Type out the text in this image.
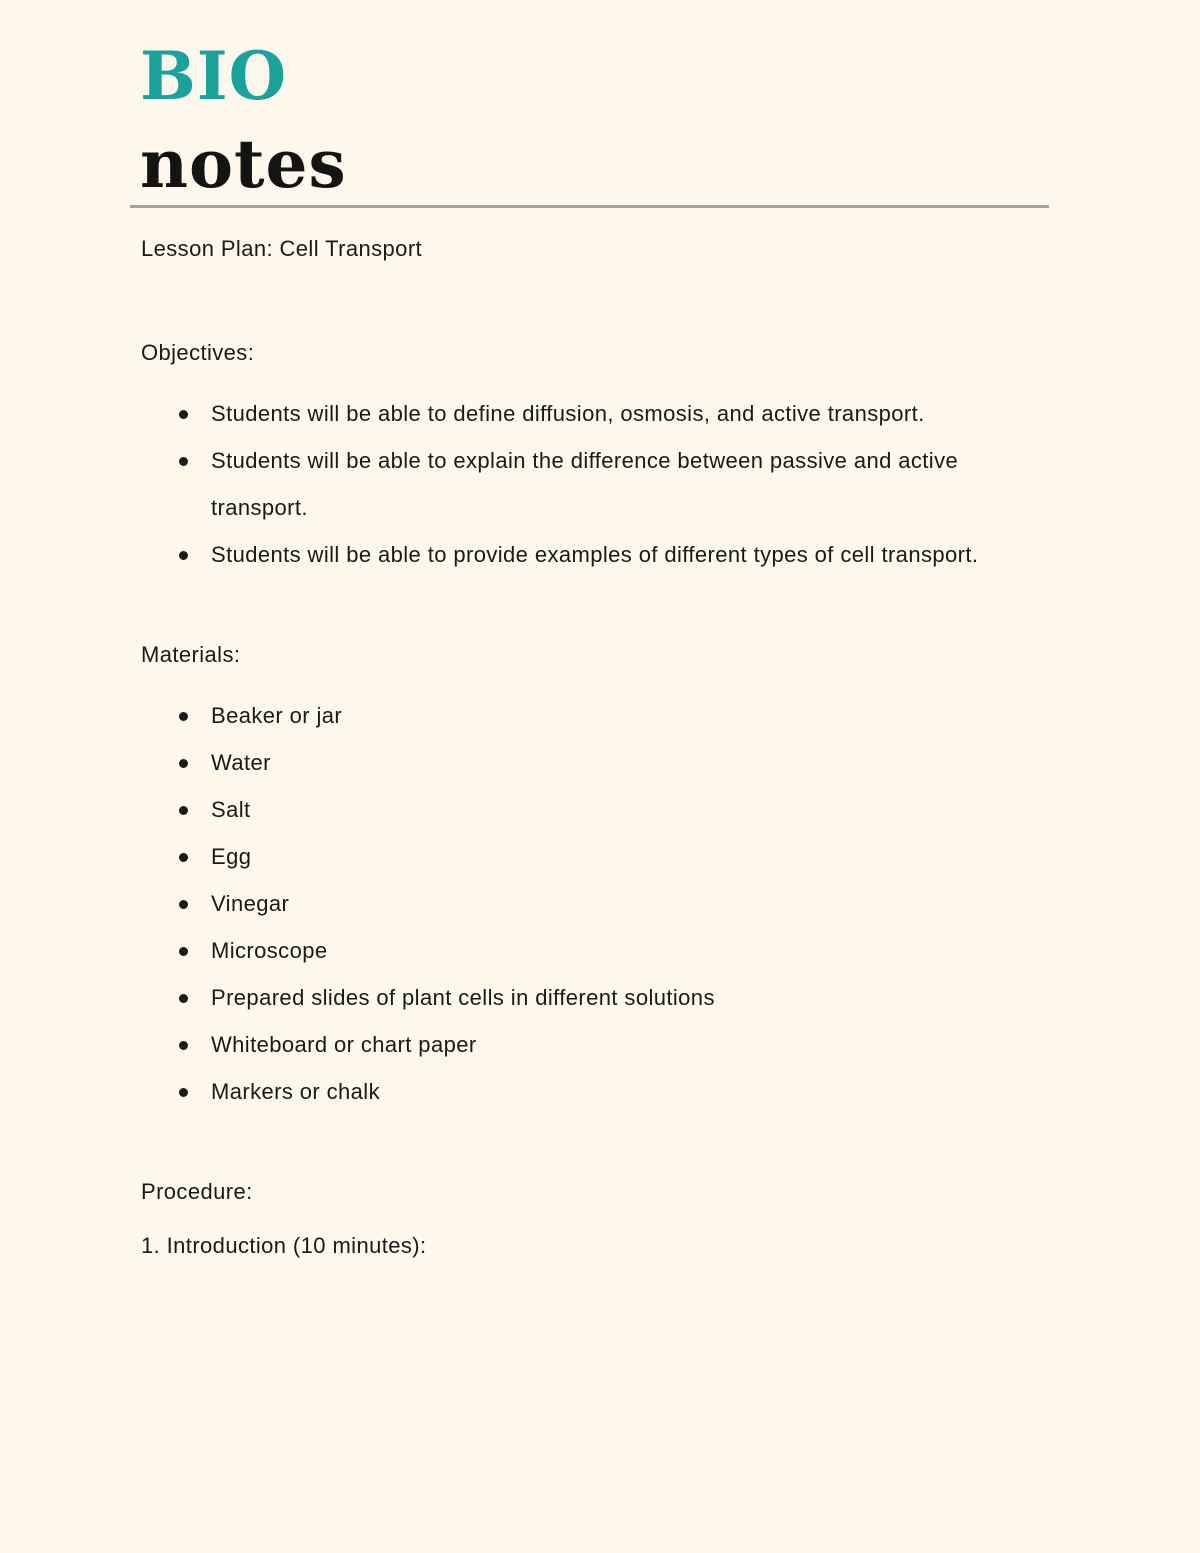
BIO
notes

Lesson Plan: Cell Transport

Objectives:

Students will be able to define diffusion, osmosis, and active transport.
Students will be able to explain the difference between passive and active transport.
Students will be able to provide examples of different types of cell transport.

Materials:

Beaker or jar
Water
Salt
Egg
Vinegar
Microscope
Prepared slides of plant cells in different solutions
Whiteboard or chart paper
Markers or chalk

Procedure:

1. Introduction (10 minutes):
